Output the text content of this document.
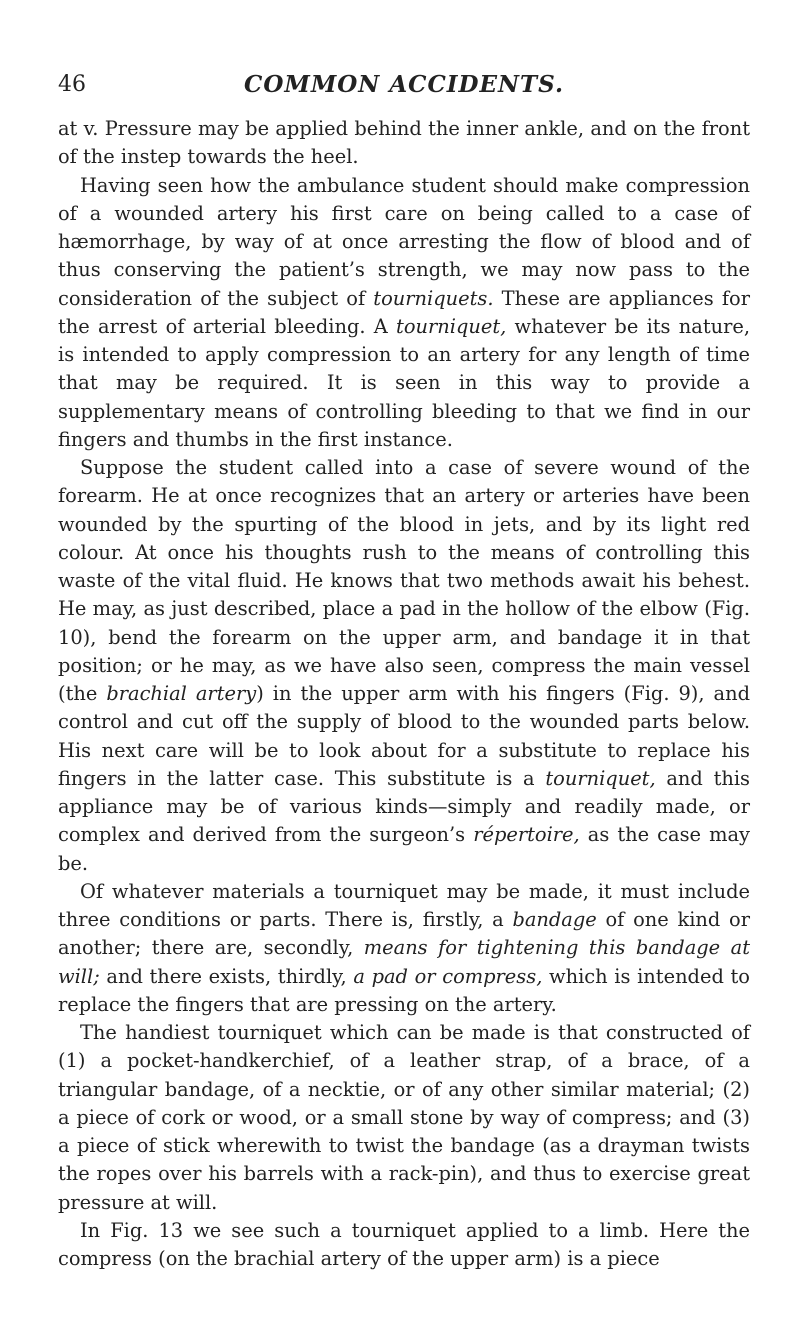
46	COMMON ACCIDENTS.

at v. Pressure may be applied behind the inner ankle, and on the front of the instep towards the heel.

Having seen how the ambulance student should make compression of a wounded artery his first care on being called to a case of hæmorrhage, by way of at once arresting the flow of blood and of thus conserving the patient’s strength, we may now pass to the consideration of the subject of tourniquets. These are appliances for the arrest of arterial bleeding. A tourniquet, whatever be its nature, is intended to apply compression to an artery for any length of time that may be required. It is seen in this way to provide a supplementary means of controlling bleeding to that we find in our fingers and thumbs in the first instance.

Suppose the student called into a case of severe wound of the forearm. He at once recognizes that an artery or arteries have been wounded by the spurting of the blood in jets, and by its light red colour. At once his thoughts rush to the means of controlling this waste of the vital fluid. He knows that two methods await his behest. He may, as just described, place a pad in the hollow of the elbow (Fig. 10), bend the forearm on the upper arm, and bandage it in that position; or he may, as we have also seen, compress the main vessel (the brachial artery) in the upper arm with his fingers (Fig. 9), and control and cut off the supply of blood to the wounded parts below. His next care will be to look about for a substitute to replace his fingers in the latter case. This substitute is a tourniquet, and this appliance may be of various kinds—simply and readily made, or complex and derived from the surgeon’s répertoire, as the case may be.

Of whatever materials a tourniquet may be made, it must include three conditions or parts. There is, firstly, a bandage of one kind or another; there are, secondly, means for tightening this bandage at will; and there exists, thirdly, a pad or compress, which is intended to replace the fingers that are pressing on the artery.

The handiest tourniquet which can be made is that constructed of (1) a pocket-handkerchief, of a leather strap, of a brace, of a triangular bandage, of a necktie, or of any other similar material; (2) a piece of cork or wood, or a small stone by way of compress; and (3) a piece of stick wherewith to twist the bandage (as a drayman twists the ropes over his barrels with a rack-pin), and thus to exercise great pressure at will.

In Fig. 13 we see such a tourniquet applied to a limb. Here the compress (on the brachial artery of the upper arm) is a piece
